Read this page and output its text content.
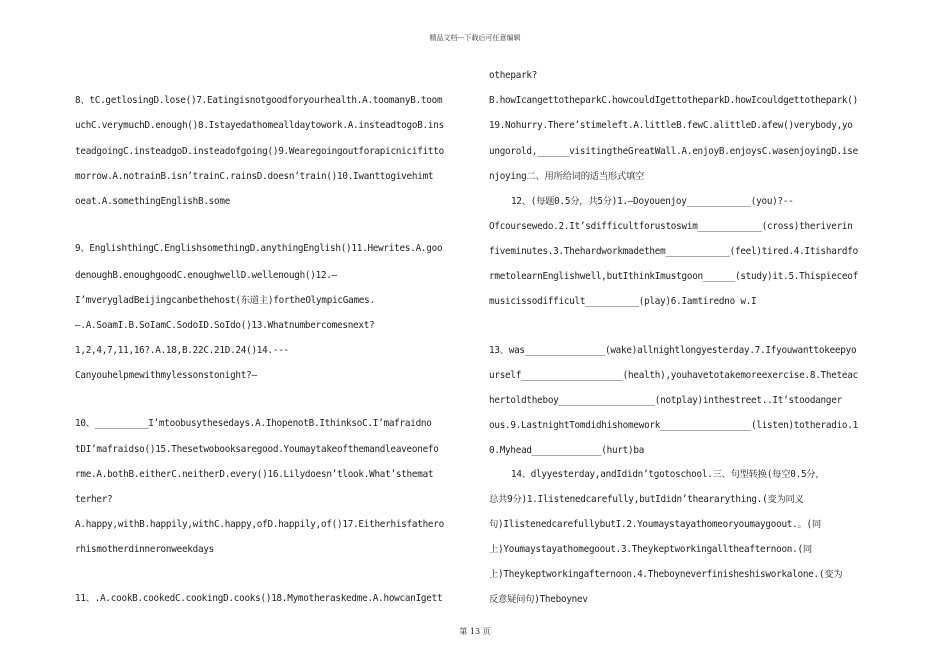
精品文档---下载后可任意编辑
8、tC.getlosingD.lose()7.Eatingisnotgoodforyourhealth.A.toomanyB.toom
uchC.verymuchD.enough()8.Istayedathomealldaytowork.A.insteadtogoB.ins
teadgoingC.insteadgoD.insteadofgoing()9.Wearegoingoutforapicnicifitto
morrow.A.notrainB.isn’trainC.rainsD.doesn’train()10.Iwanttogivehimt
oeat.A.somethingEnglishB.some
9、EnglishthingC.EnglishsomethingD.anythingEnglish()11.Hewrites.A.goo
denoughB.enoughgoodC.enoughwellD.wellenough()12.—
I’mverygladBeijingcanbethehost(东道主)fortheOlympicGames.
—.A.SoamI.B.SoIamC.SodoID.SoIdo()13.Whatnumbercomesnext?
1,2,4,7,11,16?.A.18,B.22C.21D.24()14.---
Canyouhelpmewithmylessonstonight?—
10、__________I’mtoobusythesedays.A.IhopenotB.IthinksoC.I’mafraidno
tDI’mafraidso()15.Thesetwobooksaregood.Youmaytakeofthemandleaveonefo
rme.A.bothB.eitherC.neitherD.every()16.Lilydoesn’tlook.What’sthemat
terher?
A.happy,withB.happily,withC.happy,ofD.happily,of()17.Eitherhisfathero
rhismotherdinneronweekdays
11、.A.cookB.cookedC.cookingD.cooks()18.Mymotheraskedme.A.howcanIgett
othepark?
B.howIcangettotheparkC.howcouldIgettotheparkD.howIcouldgettothepark()
19.Nohurry.There’stimeleft.A.littleB.fewC.alittleD.afew()verybody,yo
ungorold,______visitingtheGreatWall.A.enjoyB.enjoysC.wasenjoyingD.ise
njoying二、用所给词的适当形式填空
12、(每题0.5分，共5分)1.—Doyouenjoy____________(you)?--
Ofcoursewedo.2.It’sdifficultforustoswim____________(cross)theriverin
fiveminutes.3.Thehardworkmadethem____________(feel)tired.4.Itishardfo
rmetolearnEnglishwell,butIthinkImustgoon______(study)it.5.Thispieceof
musicissodifficult__________(play)6.Iamtiredno w.I
13、was_______________(wake)allnightlongyesterday.7.Ifyouwanttokeepyo
urself___________________(health),youhavetotakemoreexercise.8.Theteac
hertoldtheboy__________________(notplay)inthestreet..It’stoodanger
ous.9.LastnightTomdidhishomework_________________(listen)totheradio.1
0.Myhead_____________(hurt)ba
14、dlyyesterday,andIdidn’tgotoschool.三、句型转换(每空0.5分，
总共9分)1.Ilistenedcarefully,butIdidn’theararything.(变为同义
句)IlistenedcarefullybutI.2.Youmaystayathomeoryoumaygoout.。(同
上)Youmaystayathomegoout.3.Theykeptworkingalltheafternoon.(同
上)Theykeptworkingafternoon.4.Theboyneverfinisheshisworkalone.(变为
反意疑问句)Theboynev
第 13 页
